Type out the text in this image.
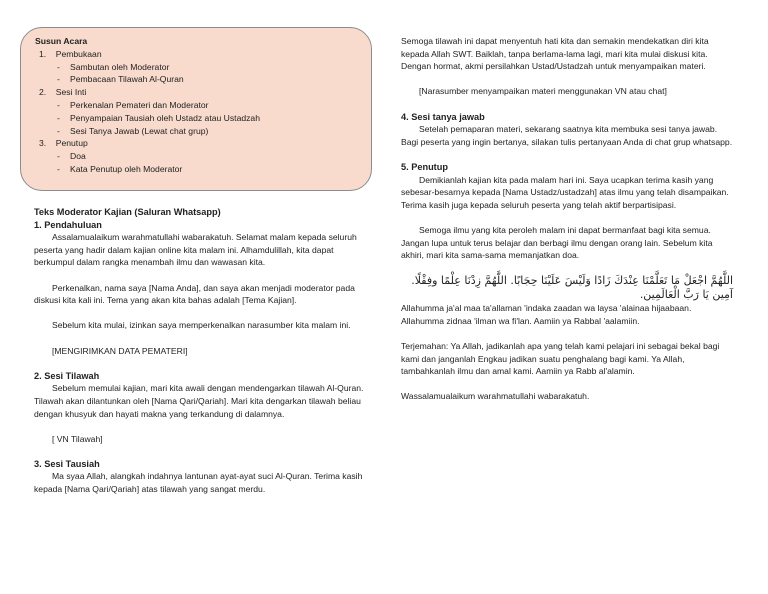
Susun Acara
1. Pembukaan
- Sambutan oleh Moderator
- Pembacaan Tilawah Al-Quran
2. Sesi Inti
- Perkenalan Pemateri dan Moderator
- Penyampaian Tausiah oleh Ustadz atau Ustadzah
- Sesi Tanya Jawab (Lewat chat grup)
3. Penutup
- Doa
- Kata Penutup oleh Moderator
Teks Moderator Kajian (Saluran Whatsapp)
1. Pendahuluan

Assalamualaikum warahmatullahi wabarakatuh. Selamat malam kepada seluruh peserta yang hadir dalam kajian online kita malam ini. Alhamdulillah, kita dapat berkumpul dalam rangka menambah ilmu dan wawasan kita.

Perkenalkan, nama saya [Nama Anda], dan saya akan menjadi moderator pada diskusi kita kali ini. Tema yang akan kita bahas adalah [Tema Kajian].

Sebelum kita mulai, izinkan saya memperkenalkan narasumber kita malam ini.

[MENGIRIMKAN DATA PEMATERI]

2. Sesi Tilawah

Sebelum memulai kajian, mari kita awali dengan mendengarkan tilawah Al-Quran. Tilawah akan dilantunkan oleh [Nama Qari/Qariah]. Mari kita dengarkan tilawah beliau dengan khusyuk dan hayati makna yang terkandung di dalamnya.

[ VN Tilawah]

3. Sesi Tausiah

Ma syaa Allah, alangkah indahnya lantunan ayat-ayat suci Al-Quran. Terima kasih kepada [Nama Qari/Qariah] atas tilawah yang sangat merdu.

Semoga tilawah ini dapat menyentuh hati kita dan semakin mendekatkan diri kita kepada Allah SWT. Baiklah, tanpa berlama-lama lagi, mari kita mulai diskusi kita. Dengan hormat, akmi persilahkan Ustad/Ustadzah untuk menyampaikan materi.

[Narasumber menyampaikan materi menggunakan VN atau chat]

4. Sesi tanya jawab

Setelah pemaparan materi, sekarang saatnya kita membuka sesi tanya jawab. Bagi peserta yang ingin bertanya, silakan tulis pertanyaan Anda di chat grup whatsapp.

5. Penutup

Demikianlah kajian kita pada malam hari ini. Saya ucapkan terima kasih yang sebesar-besarnya kepada [Nama Ustadz/ustadzah] atas ilmu yang telah disampaikan. Terima kasih juga kepada seluruh peserta yang telah aktif berpartisipasi.

Semoga ilmu yang kita peroleh malam ini dapat bermanfaat bagi kita semua. Jangan lupa untuk terus belajar dan berbagi ilmu dengan orang lain. Sebelum kita akhiri, mari kita sama-sama memanjatkan doa.

اللَّهُمَّ اجْعَلْ مَا تَعَلَّمْنَا عِنْدَكَ زَادًا وَلَيْسَ عَلَيْنَا حِجَابًا. اللَّهُمَّ زِدْنَا عِلْمًا وفِقْلًا. آمِين يَا رَبَّ الْعَالَمِين.

Allahumma ja'al maa ta'allaman 'indaka zaadan wa laysa 'alainaa hijaabaan. Allahumma zidnaa 'ilman wa fi'lan. Aamiin ya Rabbal 'aalamiin.

Terjemahan: Ya Allah, jadikanlah apa yang telah kami pelajari ini sebagai bekal bagi kami dan janganlah Engkau jadikan suatu penghalang bagi kami. Ya Allah, tambahkanlah ilmu dan amal kami. Aamiin ya Rabb al'alamin.

Wassalamualaikum warahmatullahi wabarakatuh.
